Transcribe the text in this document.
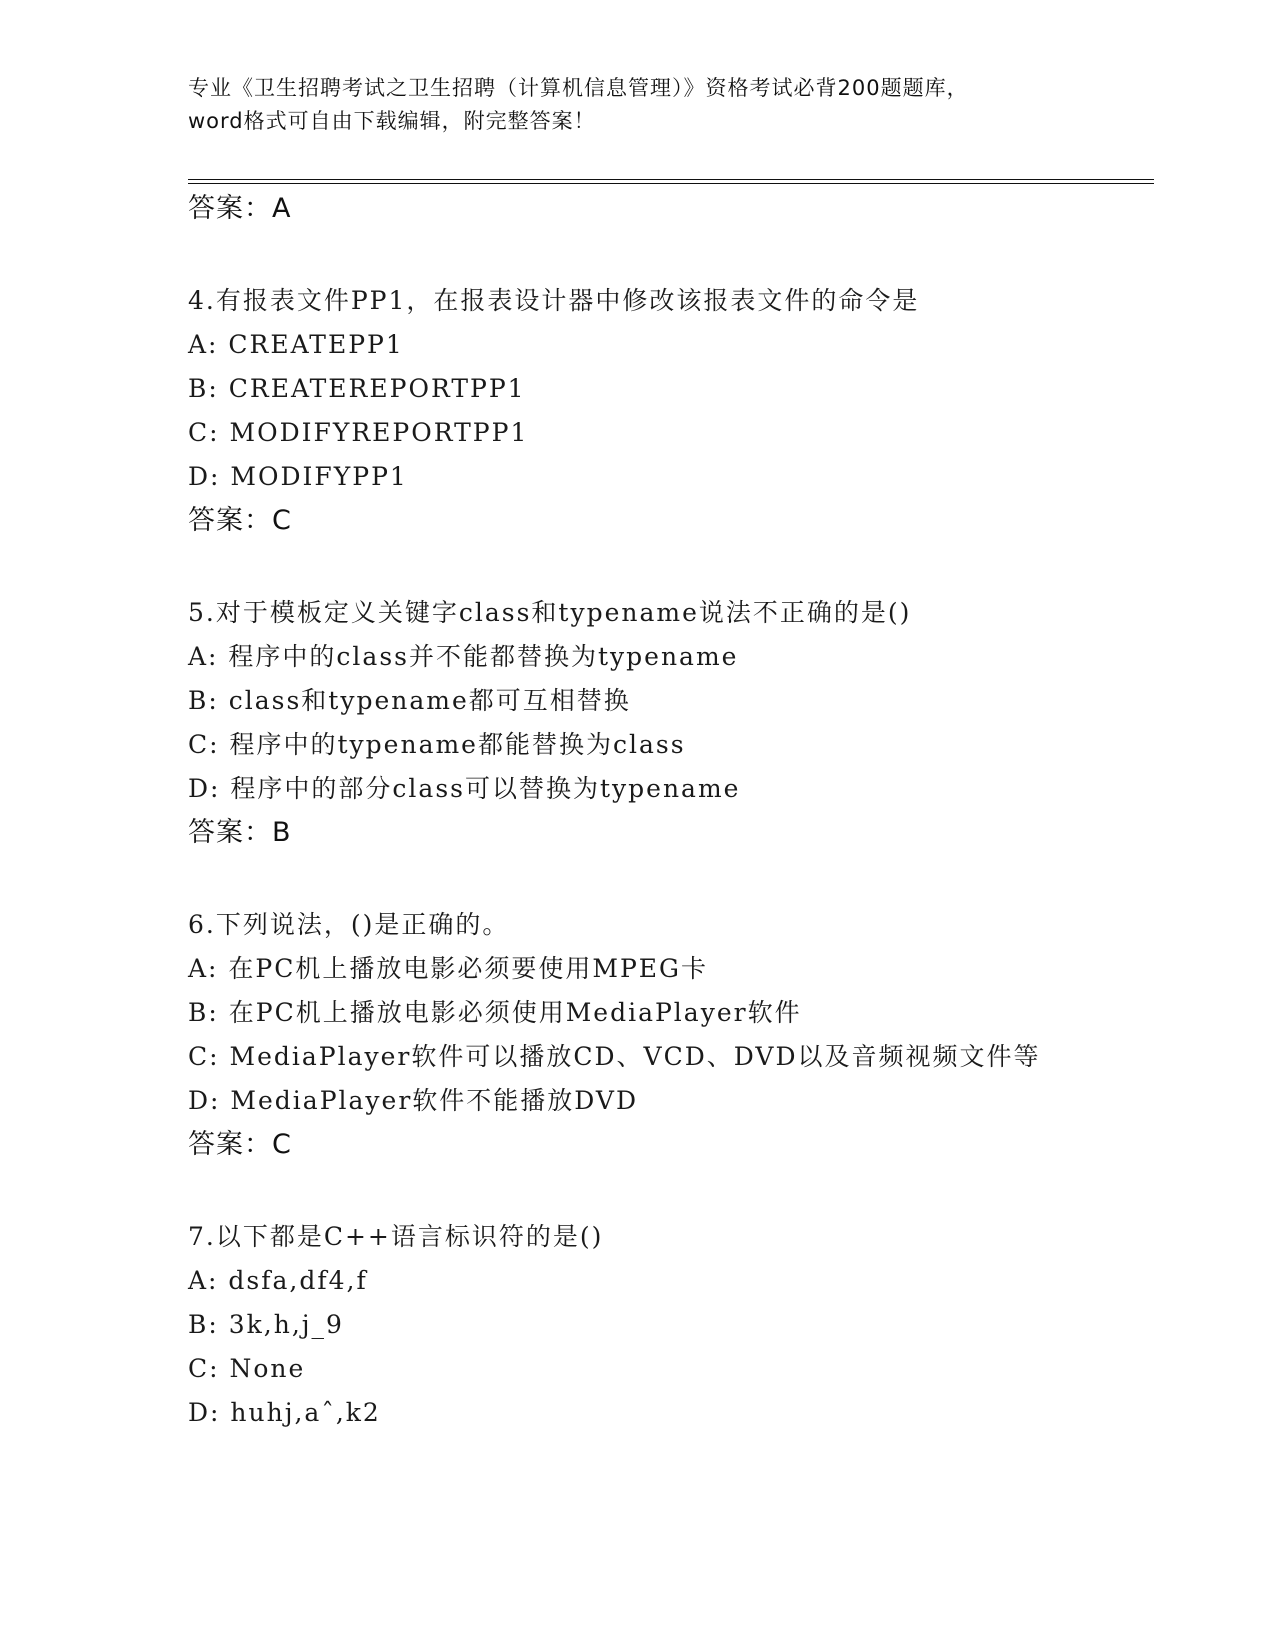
专业《卫生招聘考试之卫生招聘（计算机信息管理）》资格考试必背200题题库，
word格式可自由下载编辑，附完整答案！
答案：A
4.有报表文件PP1，在报表设计器中修改该报表文件的命令是
A: CREATEPP1
B: CREATEREPORTPP1
C: MODIFYREPORTPP1
D: MODIFYPP1
答案：C
5.对于模板定义关键字class和typename说法不正确的是()
A: 程序中的class并不能都替换为typename
B: class和typename都可互相替换
C: 程序中的typename都能替换为class
D: 程序中的部分class可以替换为typename
答案：B
6.下列说法，()是正确的。
A: 在PC机上播放电影必须要使用MPEG卡
B: 在PC机上播放电影必须使用MediaPlayer软件
C: MediaPlayer软件可以播放CD、VCD、DVD以及音频视频文件等
D: MediaPlayer软件不能播放DVD
答案：C
7.以下都是C++语言标识符的是()
A: dsfa,df4,f
B: 3k,h,j_9
C: None
D: huhj,aˆ,k2
